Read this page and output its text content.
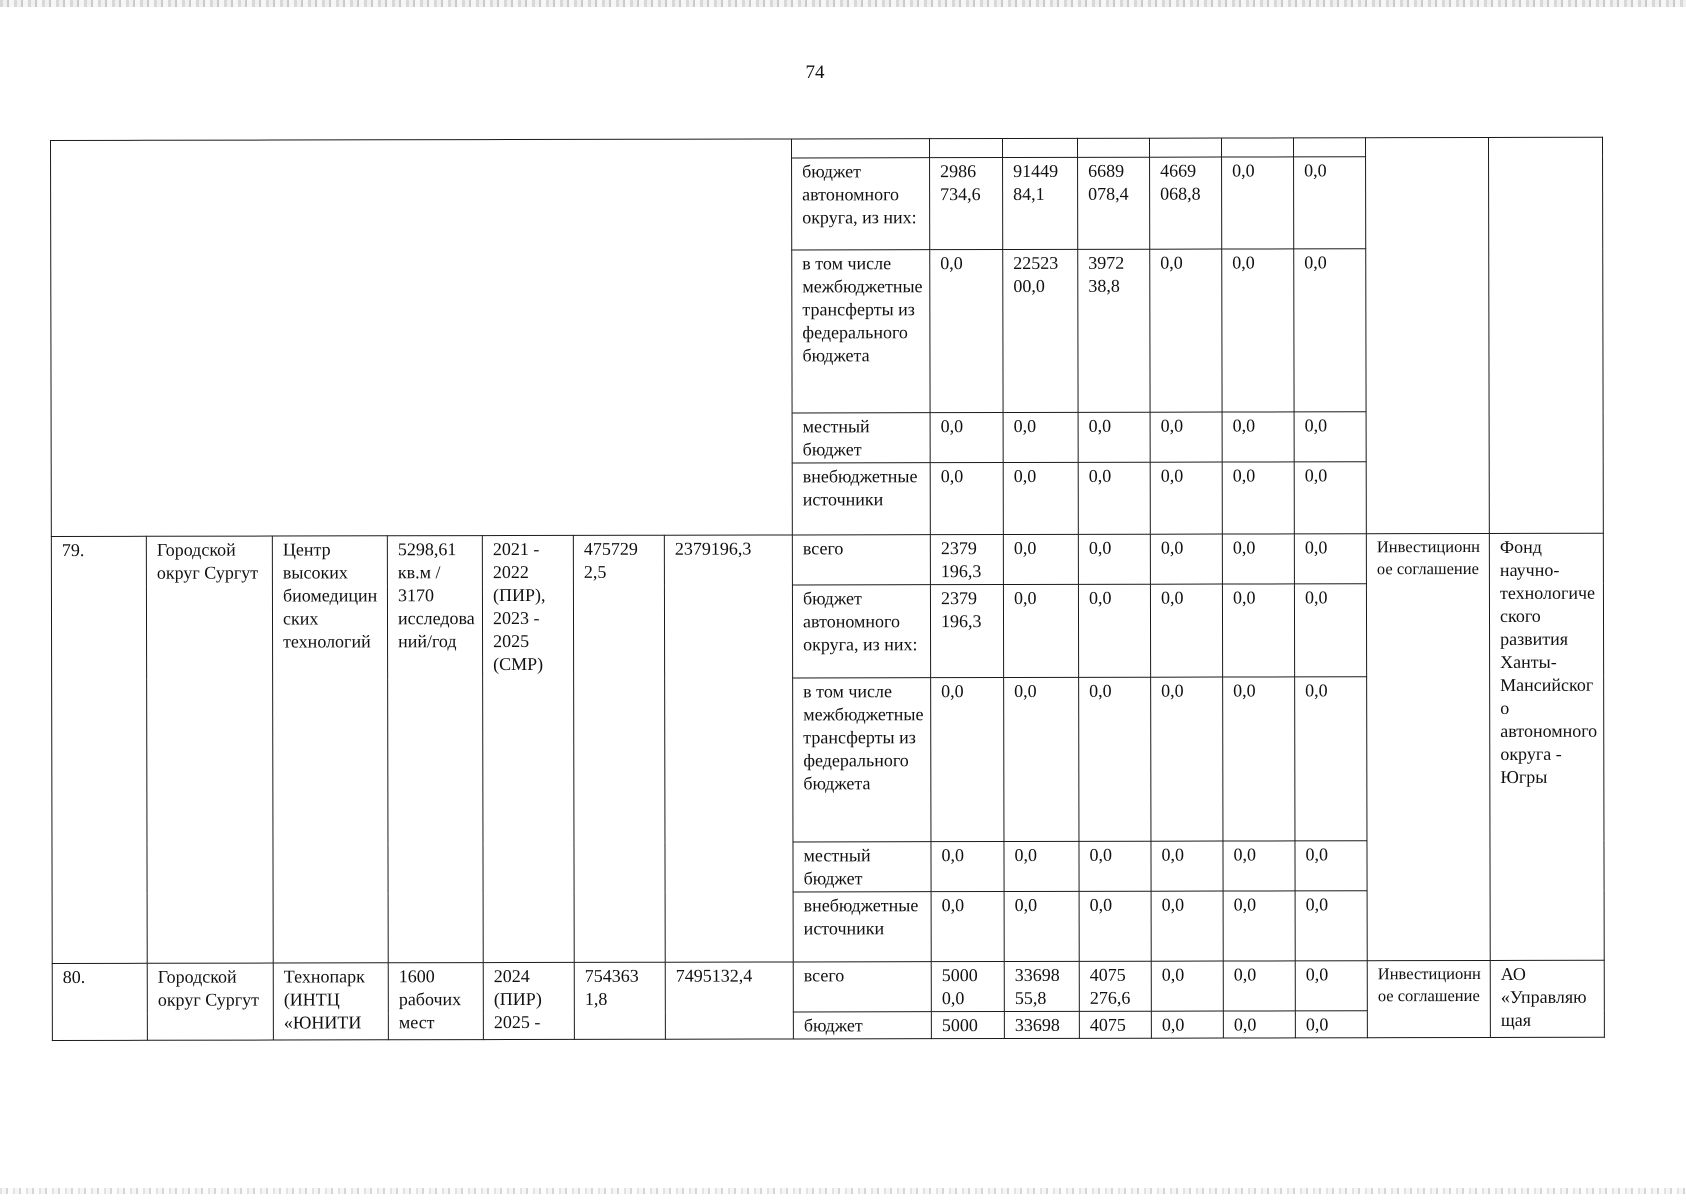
74

							бюджет автономного округа, из них:	2986 734,6	91449 84,1	6689 078,4	4669 068,8	0,0	0,0		
							в том числе межбюджетные трансферты из федерального бюджета	0,0	22523 00,0	3972 38,8	0,0	0,0	0,0		
							местный бюджет	0,0	0,0	0,0	0,0	0,0	0,0		
							внебюджетные источники	0,0	0,0	0,0	0,0	0,0	0,0		
79.	Городской округ Сургут	Центр высоких биомедицинских технологий	5298,61 кв.м / 3170 исследований/год	2021 - 2022 (ПИР), 2023 - 2025 (СМР)	475729 2,5	2379196,3	всего	2379 196,3	0,0	0,0	0,0	0,0	0,0	Инвестиционное соглашение	Фонд научно-технологического развития Ханты-Мансийского автономного округа - Югры
							бюджет автономного округа, из них:	2379 196,3	0,0	0,0	0,0	0,0	0,0		
							в том числе межбюджетные трансферты из федерального бюджета	0,0	0,0	0,0	0,0	0,0	0,0		
							местный бюджет	0,0	0,0	0,0	0,0	0,0	0,0		
							внебюджетные источники	0,0	0,0	0,0	0,0	0,0	0,0		
80.	Городской округ Сургут	Технопарк (ИНТЦ «ЮНИТИ	1600 рабочих мест	2024 (ПИР) 2025 -	754363 1,8	7495132,4	всего	5000 0,0	33698 55,8	4075 276,6	0,0	0,0	0,0	Инвестиционное соглашение	АО «Управляющая
							бюджет	5000	33698	4075	0,0	0,0	0,0		
